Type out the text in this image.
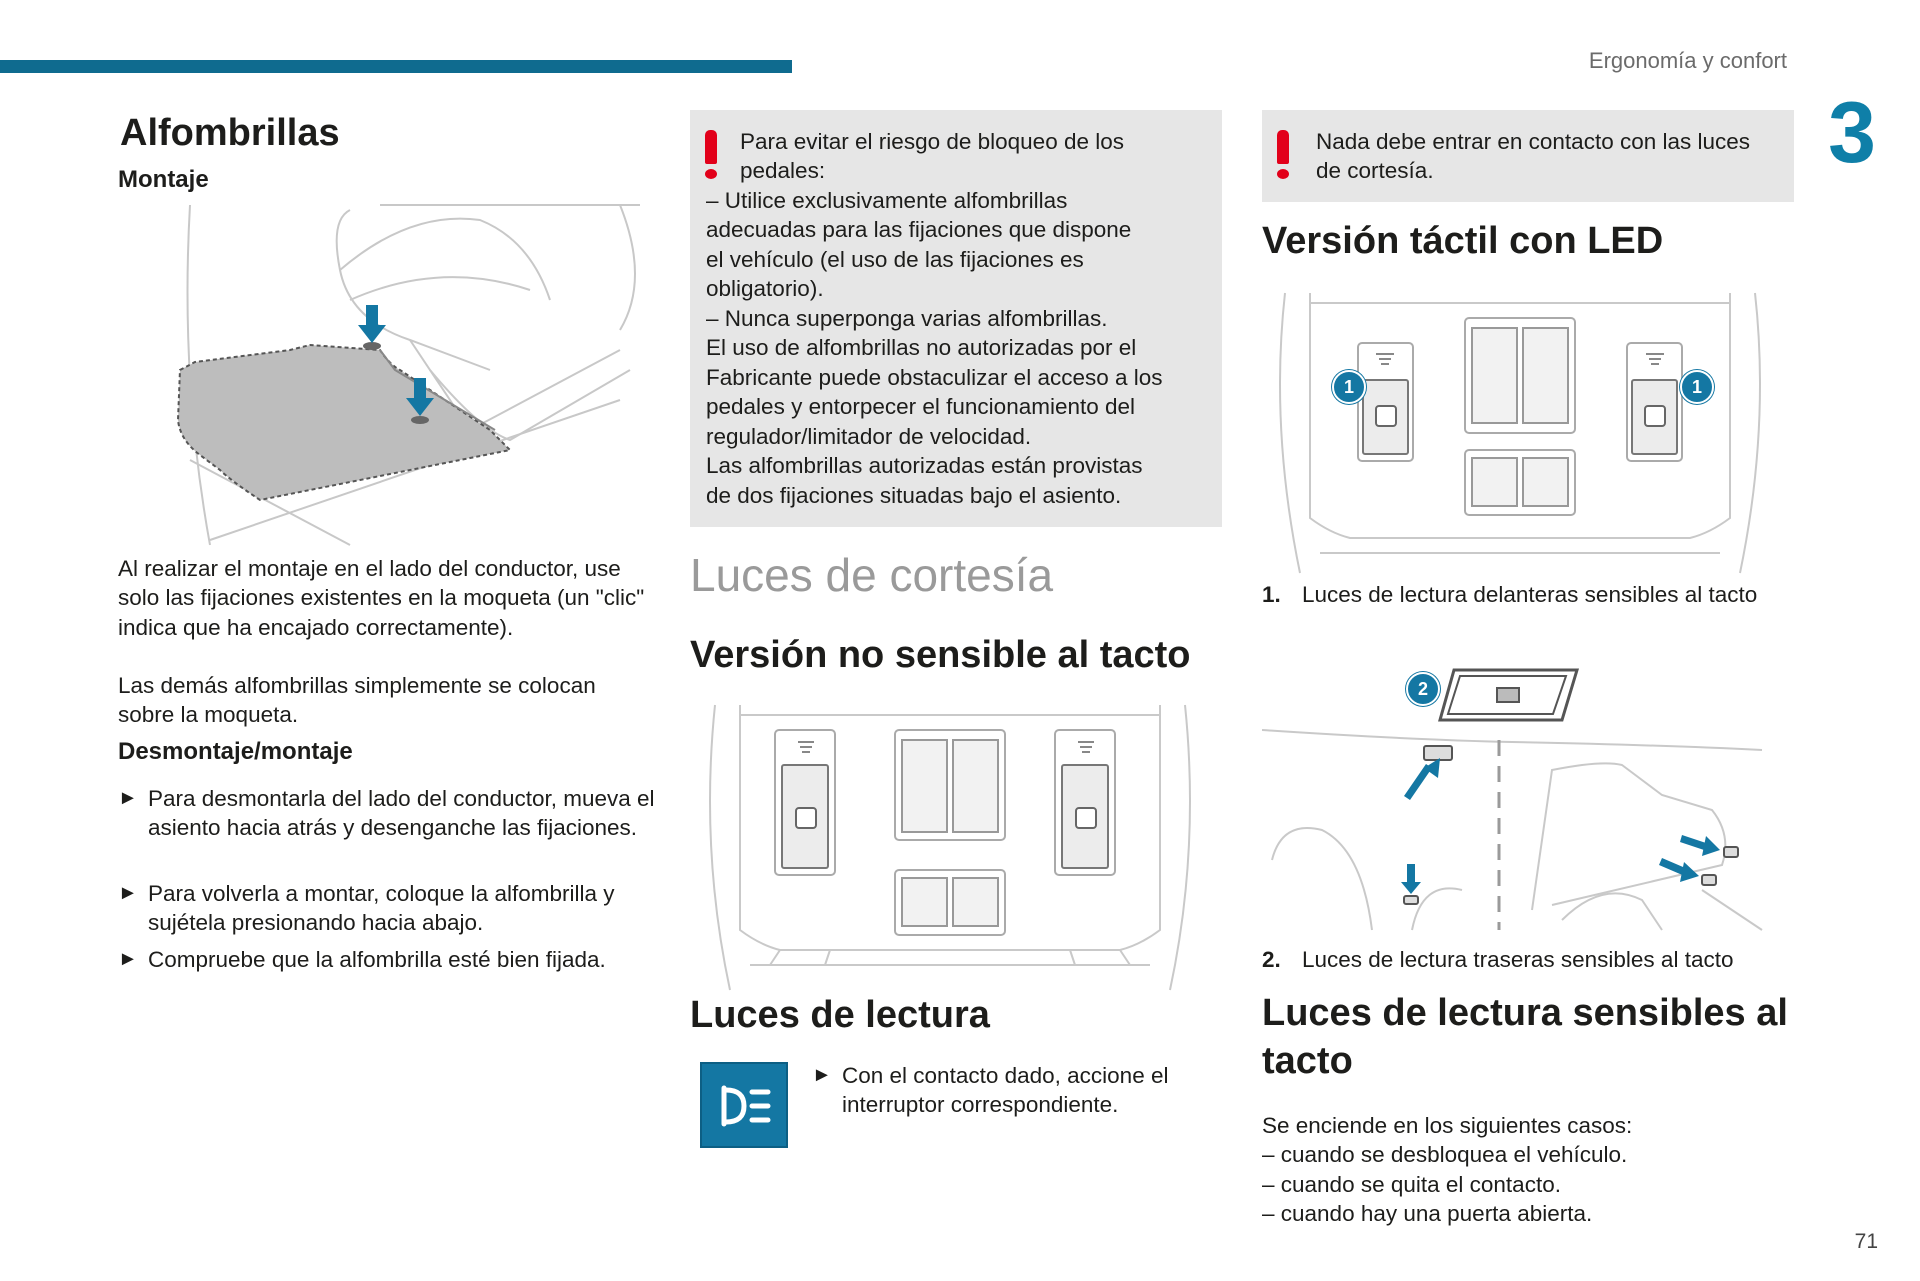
Ergonomía y confort
3
71
Alfombrillas
Montaje
Al realizar el montaje en el lado del conductor, use solo las fijaciones existentes en la moqueta (un "clic" indica que ha encajado correctamente).
Las demás alfombrillas simplemente se colocan sobre la moqueta.
Desmontaje/montaje
► Para desmontarla del lado del conductor, mueva el asiento hacia atrás y desenganche las fijaciones.
► Para volverla a montar, coloque la alfombrilla y sujétela presionando hacia abajo.
► Compruebe que la alfombrilla esté bien fijada.
Para evitar el riesgo de bloqueo de los
pedales:
– Utilice exclusivamente alfombrillas
adecuadas para las fijaciones que dispone
el vehículo (el uso de las fijaciones es
obligatorio).
– Nunca superponga varias alfombrillas.
El uso de alfombrillas no autorizadas por el
Fabricante puede obstaculizar el acceso a los
pedales y entorpecer el funcionamiento del
regulador/limitador de velocidad.
Las alfombrillas autorizadas están provistas
de dos fijaciones situadas bajo el asiento.
Luces de cortesía
Versión no sensible al tacto
Luces de lectura
► Con el contacto dado, accione el interruptor correspondiente.
Nada debe entrar en contacto con las luces de cortesía.
Versión táctil con LED
1	1
1. Luces de lectura delanteras sensibles al tacto
2
2. Luces de lectura traseras sensibles al tacto
Luces de lectura sensibles al tacto
Se enciende en los siguientes casos:
– cuando se desbloquea el vehículo.
– cuando se quita el contacto.
– cuando hay una puerta abierta.
